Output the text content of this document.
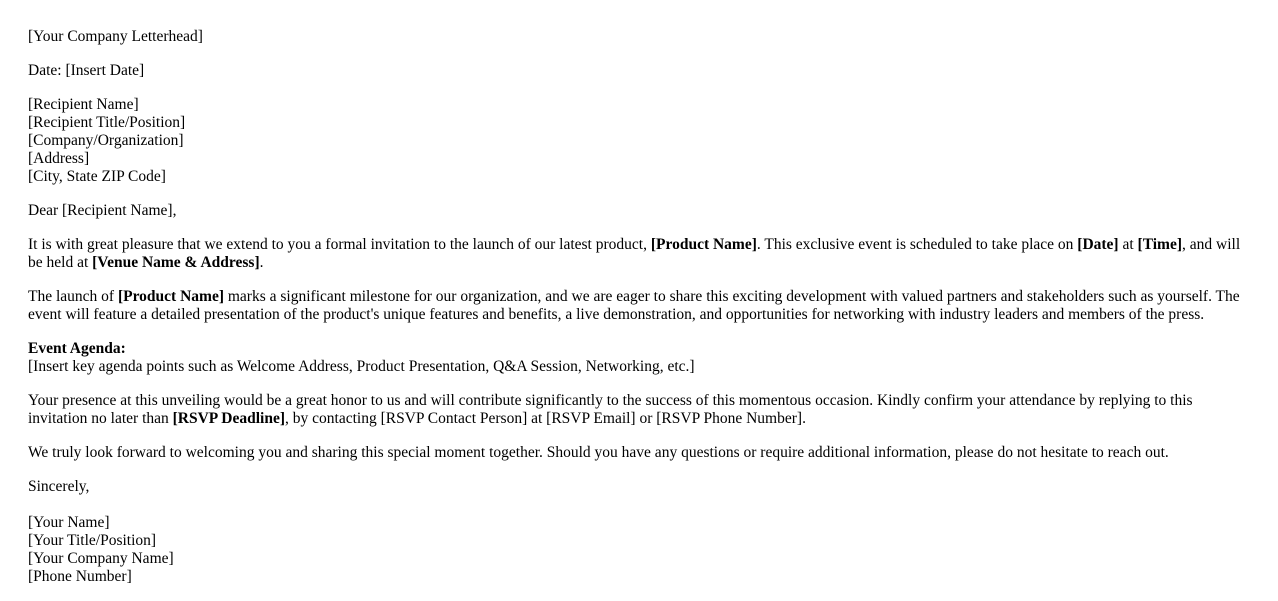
[Your Company Letterhead]

Date: [Insert Date]

[Recipient Name]
[Recipient Title/Position]
[Company/Organization]
[Address]
[City, State ZIP Code]

Dear [Recipient Name],

It is with great pleasure that we extend to you a formal invitation to the launch of our latest product, [Product Name]. This exclusive event is scheduled to take place on [Date] at [Time], and will be held at [Venue Name & Address].

The launch of [Product Name] marks a significant milestone for our organization, and we are eager to share this exciting development with valued partners and stakeholders such as yourself. The event will feature a detailed presentation of the product's unique features and benefits, a live demonstration, and opportunities for networking with industry leaders and members of the press.

Event Agenda:
[Insert key agenda points such as Welcome Address, Product Presentation, Q&A Session, Networking, etc.]

Your presence at this unveiling would be a great honor to us and will contribute significantly to the success of this momentous occasion. Kindly confirm your attendance by replying to this invitation no later than [RSVP Deadline], by contacting [RSVP Contact Person] at [RSVP Email] or [RSVP Phone Number].

We truly look forward to welcoming you and sharing this special moment together. Should you have any questions or require additional information, please do not hesitate to reach out.

Sincerely,

[Your Name]
[Your Title/Position]
[Your Company Name]
[Phone Number]
